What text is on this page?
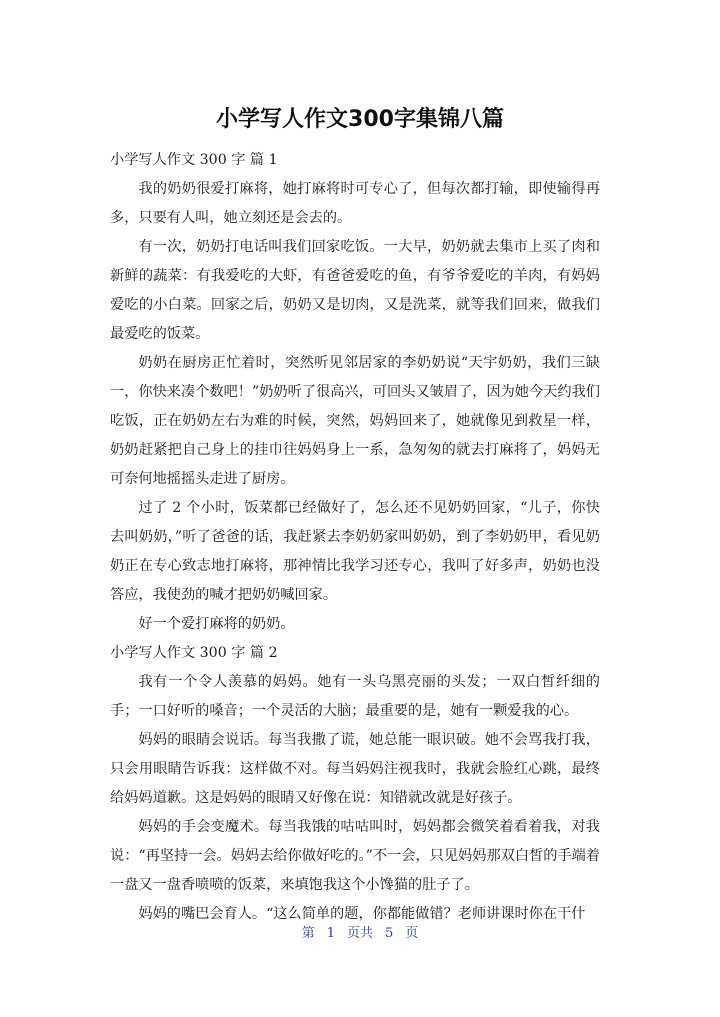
小学写人作文300字集锦八篇

小学写人作文 300 字 篇 1

我的奶奶很爱打麻将，她打麻将时可专心了，但每次都打输，即使输得再多，只要有人叫，她立刻还是会去的。

有一次，奶奶打电话叫我们回家吃饭。一大早，奶奶就去集市上买了肉和新鲜的蔬菜：有我爱吃的大虾，有爸爸爱吃的鱼，有爷爷爱吃的羊肉，有妈妈爱吃的小白菜。回家之后，奶奶又是切肉，又是洗菜，就等我们回来，做我们最爱吃的饭菜。

奶奶在厨房正忙着时，突然听见邻居家的李奶奶说“天宇奶奶，我们三缺一，你快来凑个数吧！”奶奶听了很高兴，可回头又皱眉了，因为她今天约我们吃饭，正在奶奶左右为难的时候，突然，妈妈回来了，她就像见到救星一样，奶奶赶紧把自己身上的挂巾往妈妈身上一系，急匆匆的就去打麻将了，妈妈无可奈何地摇摇头走进了厨房。

过了 2 个小时，饭菜都已经做好了，怎么还不见奶奶回家，“儿子，你快去叫奶奶，”听了爸爸的话，我赶紧去李奶奶家叫奶奶，到了李奶奶甲，看见奶奶正在专心致志地打麻将，那神情比我学习还专心，我叫了好多声，奶奶也没答应，我使劲的喊才把奶奶喊回家。

好一个爱打麻将的奶奶。

小学写人作文 300 字 篇 2

我有一个令人羡慕的妈妈。她有一头乌黑亮丽的头发；一双白皙纤细的手；一口好听的嗓音；一个灵活的大脑；最重要的是，她有一颗爱我的心。

妈妈的眼睛会说话。每当我撒了谎，她总能一眼识破。她不会骂我打我，只会用眼睛告诉我：这样做不对。每当妈妈注视我时，我就会脸红心跳，最终给妈妈道歉。这是妈妈的眼睛又好像在说：知错就改就是好孩子。

妈妈的手会变魔术。每当我饿的咕咕叫时，妈妈都会微笑着看着我，对我说：“再坚持一会。妈妈去给你做好吃的。”不一会，只见妈妈那双白皙的手端着一盘又一盘香喷喷的饭菜，来填饱我这个小馋猫的肚子了。

妈妈的嘴巴会育人。“这么简单的题，你都能做错？老师讲课时你在干什

第 1 页共 5 页
